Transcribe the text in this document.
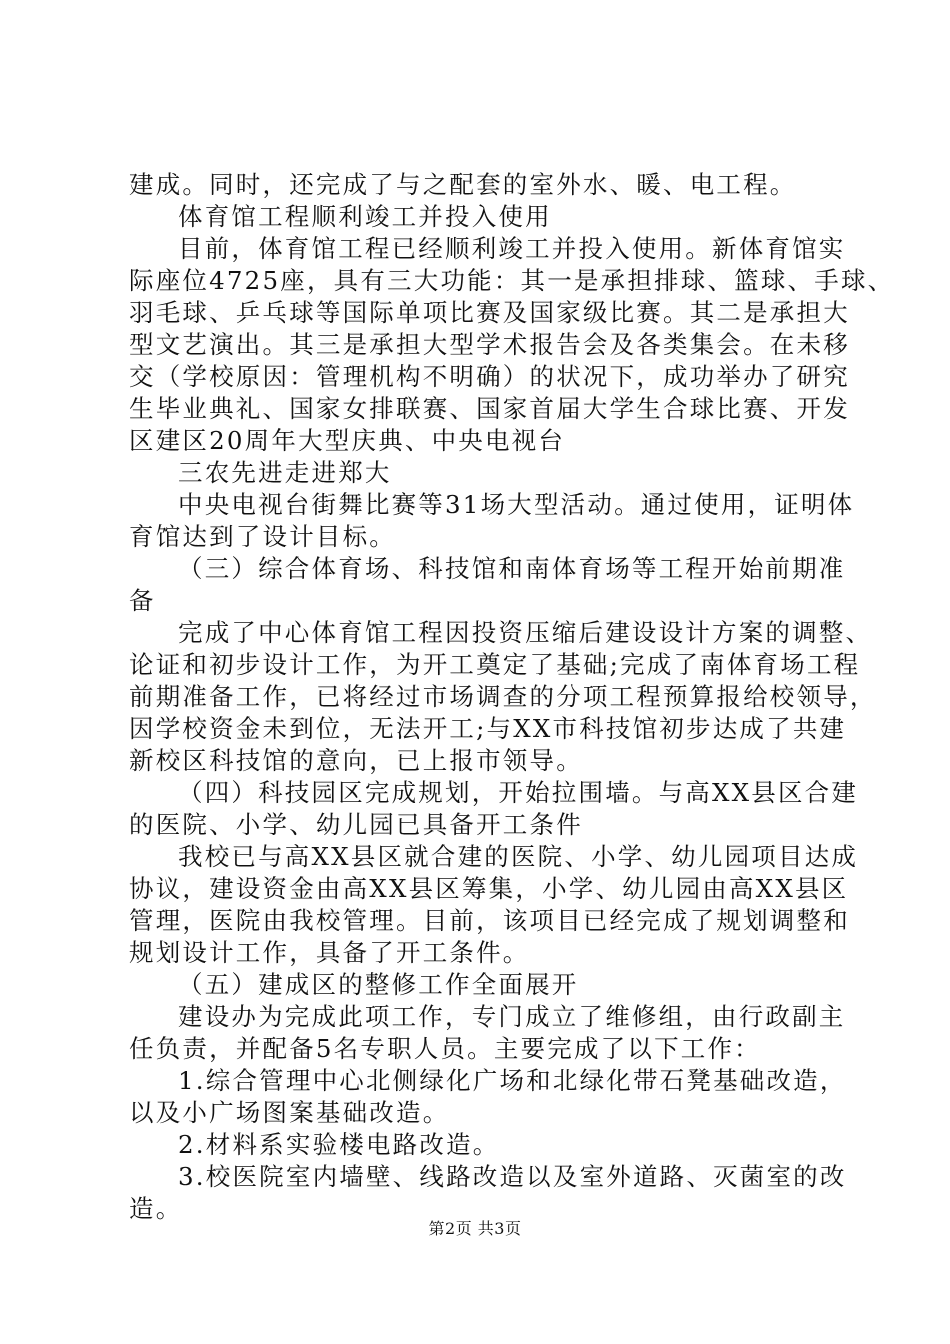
建成。同时，还完成了与之配套的室外水、暖、电工程。
体育馆工程顺利竣工并投入使用
目前，体育馆工程已经顺利竣工并投入使用。新体育馆实
际座位4725座，具有三大功能：其一是承担排球、篮球、手球、
羽毛球、乒乓球等国际单项比赛及国家级比赛。其二是承担大
型文艺演出。其三是承担大型学术报告会及各类集会。在未移
交（学校原因：管理机构不明确）的状况下，成功举办了研究
生毕业典礼、国家女排联赛、国家首届大学生合球比赛、开发
区建区20周年大型庆典、中央电视台
三农先进走进郑大
中央电视台街舞比赛等31场大型活动。通过使用，证明体
育馆达到了设计目标。
（三）综合体育场、科技馆和南体育场等工程开始前期准
备
完成了中心体育馆工程因投资压缩后建设设计方案的调整、
论证和初步设计工作，为开工奠定了基础;完成了南体育场工程
前期准备工作，已将经过市场调查的分项工程预算报给校领导，
因学校资金未到位，无法开工;与XX市科技馆初步达成了共建
新校区科技馆的意向，已上报市领导。
（四）科技园区完成规划，开始拉围墙。与高XX县区合建
的医院、小学、幼儿园已具备开工条件
我校已与高XX县区就合建的医院、小学、幼儿园项目达成
协议，建设资金由高XX县区筹集，小学、幼儿园由高XX县区
管理，医院由我校管理。目前，该项目已经完成了规划调整和
规划设计工作，具备了开工条件。
（五）建成区的整修工作全面展开
建设办为完成此项工作，专门成立了维修组，由行政副主
任负责，并配备5名专职人员。主要完成了以下工作：
1.综合管理中心北侧绿化广场和北绿化带石凳基础改造，
以及小广场图案基础改造。
2.材料系实验楼电路改造。
3.校医院室内墙壁、线路改造以及室外道路、灭菌室的改
造。
第2页 共3页
